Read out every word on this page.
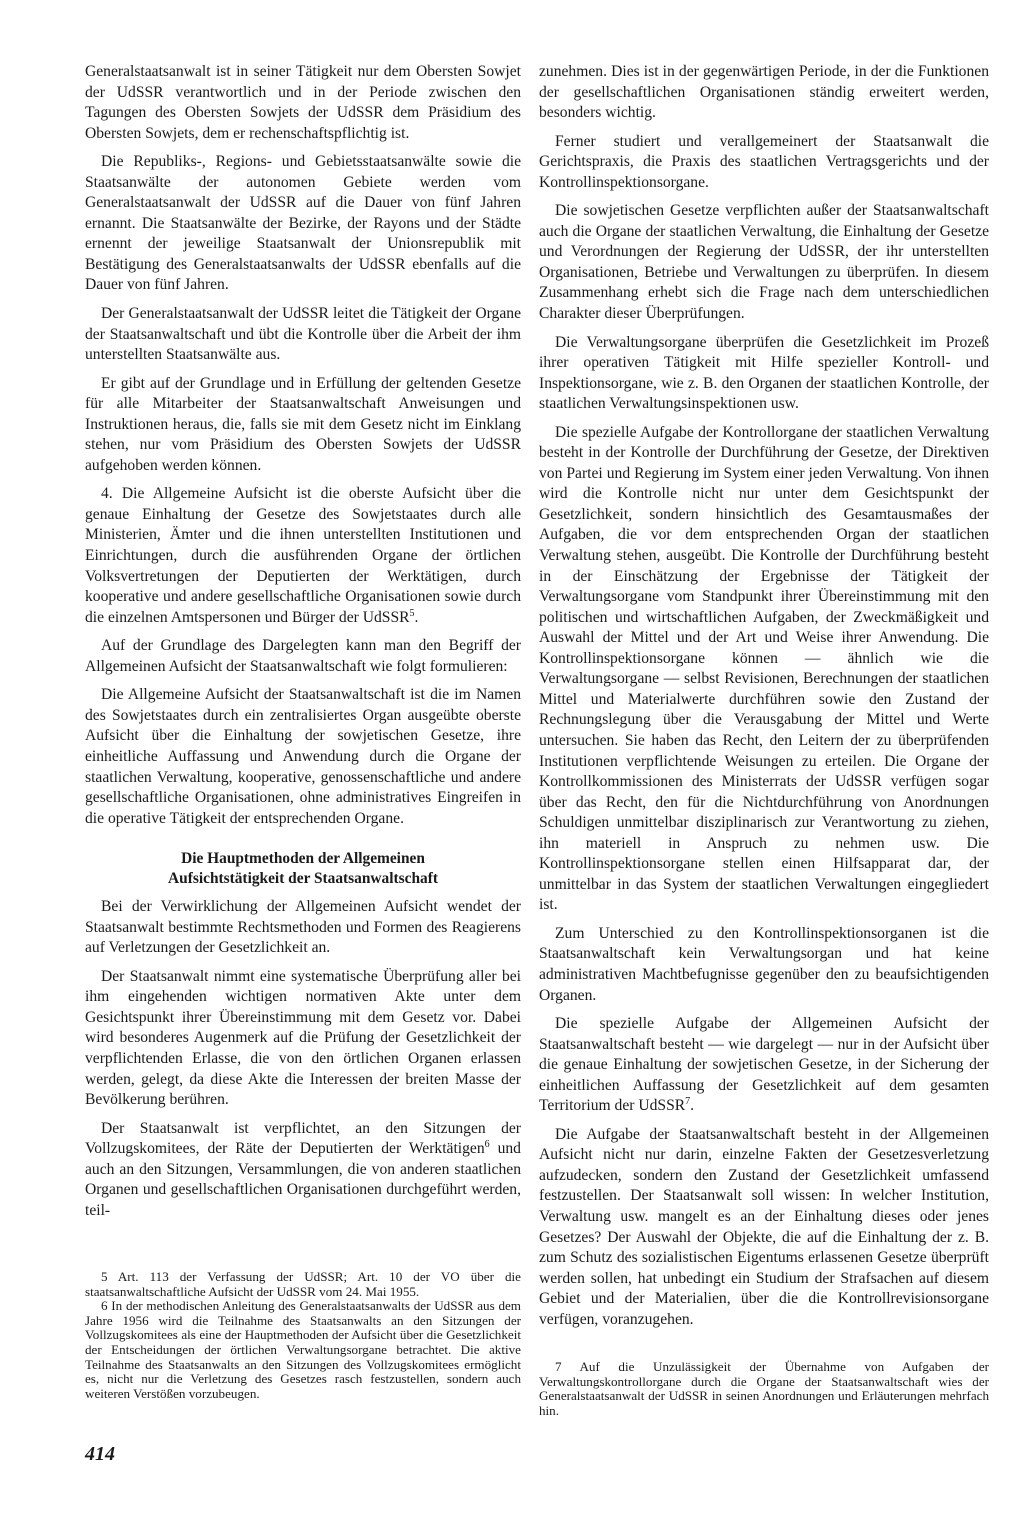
Generalstaatsanwalt ist in seiner Tätigkeit nur dem Obersten Sowjet der UdSSR verantwortlich und in der Periode zwischen den Tagungen des Obersten Sowjets der UdSSR dem Präsidium des Obersten Sowjets, dem er rechenschaftspflichtig ist.

Die Republiks-, Regions- und Gebietsstaatsanwälte sowie die Staatsanwälte der autonomen Gebiete werden vom Generalstaatsanwalt der UdSSR auf die Dauer von fünf Jahren ernannt. Die Staatsanwälte der Bezirke, der Rayons und der Städte ernennt der jeweilige Staatsanwalt der Unionsrepublik mit Bestätigung des Generalstaatsanwalts der UdSSR ebenfalls auf die Dauer von fünf Jahren.

Der Generalstaatsanwalt der UdSSR leitet die Tätigkeit der Organe der Staatsanwaltschaft und übt die Kontrolle über die Arbeit der ihm unterstellten Staatsanwälte aus.

Er gibt auf der Grundlage und in Erfüllung der geltenden Gesetze für alle Mitarbeiter der Staatsanwaltschaft Anweisungen und Instruktionen heraus, die, falls sie mit dem Gesetz nicht im Einklang stehen, nur vom Präsidium des Obersten Sowjets der UdSSR aufgehoben werden können.

4. Die Allgemeine Aufsicht ist die oberste Aufsicht über die genaue Einhaltung der Gesetze des Sowjetstaates durch alle Ministerien, Ämter und die ihnen unterstellten Institutionen und Einrichtungen, durch die ausführenden Organe der örtlichen Volksvertretungen der Deputierten der Werktätigen, durch kooperative und andere gesellschaftliche Organisationen sowie durch die einzelnen Amtspersonen und Bürger der UdSSR$^5$.

Auf der Grundlage des Dargelegten kann man den Begriff der Allgemeinen Aufsicht der Staatsanwaltschaft wie folgt formulieren:

Die Allgemeine Aufsicht der Staatsanwaltschaft ist die im Namen des Sowjetstaates durch ein zentralisiertes Organ ausgeübte oberste Aufsicht über die Einhaltung der sowjetischen Gesetze, ihre einheitliche Auffassung und Anwendung durch die Organe der staatlichen Verwaltung, kooperative, genossenschaftliche und andere gesellschaftliche Organisationen, ohne administratives Eingreifen in die operative Tätigkeit der entsprechenden Organe.

Die Hauptmethoden der Allgemeinen
Aufsichtstätigkeit der Staatsanwaltschaft

Bei der Verwirklichung der Allgemeinen Aufsicht wendet der Staatsanwalt bestimmte Rechtsmethoden und Formen des Reagierens auf Verletzungen der Gesetzlichkeit an.

Der Staatsanwalt nimmt eine systematische Überprüfung aller bei ihm eingehenden wichtigen normativen Akte unter dem Gesichtspunkt ihrer Übereinstimmung mit dem Gesetz vor. Dabei wird besonderes Augenmerk auf die Prüfung der Gesetzlichkeit der verpflichtenden Erlasse, die von den örtlichen Organen erlassen werden, gelegt, da diese Akte die Interessen der breiten Masse der Bevölkerung berühren.

Der Staatsanwalt ist verpflichtet, an den Sitzungen der Vollzugskomitees, der Räte der Deputierten der Werktätigen$^6$ und auch an den Sitzungen, Versammlungen, die von anderen staatlichen Organen und gesellschaftlichen Organisationen durchgeführt werden, teil-

zunehmen. Dies ist in der gegenwärtigen Periode, in der die Funktionen der gesellschaftlichen Organisationen ständig erweitert werden, besonders wichtig.

Ferner studiert und verallgemeinert der Staatsanwalt die Gerichtspraxis, die Praxis des staatlichen Vertragsgerichts und der Kontrollinspektionsorgane.

Die sowjetischen Gesetze verpflichten außer der Staatsanwaltschaft auch die Organe der staatlichen Verwaltung, die Einhaltung der Gesetze und Verordnungen der Regierung der UdSSR, der ihr unterstellten Organisationen, Betriebe und Verwaltungen zu überprüfen. In diesem Zusammenhang erhebt sich die Frage nach dem unterschiedlichen Charakter dieser Überprüfungen.

Die Verwaltungsorgane überprüfen die Gesetzlichkeit im Prozeß ihrer operativen Tätigkeit mit Hilfe spezieller Kontroll- und Inspektionsorgane, wie z. B. den Organen der staatlichen Kontrolle, der staatlichen Verwaltungsinspektionen usw.

Die spezielle Aufgabe der Kontrollorgane der staatlichen Verwaltung besteht in der Kontrolle der Durchführung der Gesetze, der Direktiven von Partei und Regierung im System einer jeden Verwaltung. Von ihnen wird die Kontrolle nicht nur unter dem Gesichtspunkt der Gesetzlichkeit, sondern hinsichtlich des Gesamtausmaßes der Aufgaben, die vor dem entsprechenden Organ der staatlichen Verwaltung stehen, ausgeübt. Die Kontrolle der Durchführung besteht in der Einschätzung der Ergebnisse der Tätigkeit der Verwaltungsorgane vom Standpunkt ihrer Übereinstimmung mit den politischen und wirtschaftlichen Aufgaben, der Zweckmäßigkeit und Auswahl der Mittel und der Art und Weise ihrer Anwendung. Die Kontrollinspektionsorgane können — ähnlich wie die Verwaltungsorgane — selbst Revisionen, Berechnungen der staatlichen Mittel und Materialwerte durchführen sowie den Zustand der Rechnungslegung über die Verausgabung der Mittel und Werte untersuchen. Sie haben das Recht, den Leitern der zu überprüfenden Institutionen verpflichtende Weisungen zu erteilen. Die Organe der Kontrollkommissionen des Ministerrats der UdSSR verfügen sogar über das Recht, den für die Nichtdurchführung von Anordnungen Schuldigen unmittelbar disziplinarisch zur Verantwortung zu ziehen, ihn materiell in Anspruch zu nehmen usw. Die Kontrollinspektionsorgane stellen einen Hilfsapparat dar, der unmittelbar in das System der staatlichen Verwaltungen eingegliedert ist.

Zum Unterschied zu den Kontrollinspektionsorganen ist die Staatsanwaltschaft kein Verwaltungsorgan und hat keine administrativen Machtbefugnisse gegenüber den zu beaufsichtigenden Organen.

Die spezielle Aufgabe der Allgemeinen Aufsicht der Staatsanwaltschaft besteht — wie dargelegt — nur in der Aufsicht über die genaue Einhaltung der sowjetischen Gesetze, in der Sicherung der einheitlichen Auffassung der Gesetzlichkeit auf dem gesamten Territorium der UdSSR$^7$.

Die Aufgabe der Staatsanwaltschaft besteht in der Allgemeinen Aufsicht nicht nur darin, einzelne Fakten der Gesetzesverletzung aufzudecken, sondern den Zustand der Gesetzlichkeit umfassend festzustellen. Der Staatsanwalt soll wissen: In welcher Institution, Verwaltung usw. mangelt es an der Einhaltung dieses oder jenes Gesetzes? Der Auswahl der Objekte, die auf die Einhaltung der z. B. zum Schutz des sozialistischen Eigentums erlassenen Gesetze überprüft werden sollen, hat unbedingt ein Studium der Strafsachen auf diesem Gebiet und der Materialien, über die die Kontrollrevisionsorgane verfügen, voranzugehen.

5 Art. 113 der Verfassung der UdSSR; Art. 10 der VO über die staatsanwaltschaftliche Aufsicht der UdSSR vom 24. Mai 1955.

6 In der methodischen Anleitung des Generalstaatsanwalts der UdSSR aus dem Jahre 1956 wird die Teilnahme des Staatsanwalts an den Sitzungen der Vollzugskomitees als eine der Hauptmethoden der Aufsicht über die Gesetzlichkeit der Entscheidungen der örtlichen Verwaltungsorgane betrachtet. Die aktive Teilnahme des Staatsanwalts an den Sitzungen des Vollzugskomitees ermöglicht es, nicht nur die Verletzung des Gesetzes rasch festzustellen, sondern auch weiteren Verstößen vorzubeugen.

7 Auf die Unzulässigkeit der Übernahme von Aufgaben der Verwaltungskontrollorgane durch die Organe der Staatsanwaltschaft wies der Generalstaatsanwalt der UdSSR in seinen Anordnungen und Erläuterungen mehrfach hin.

414
